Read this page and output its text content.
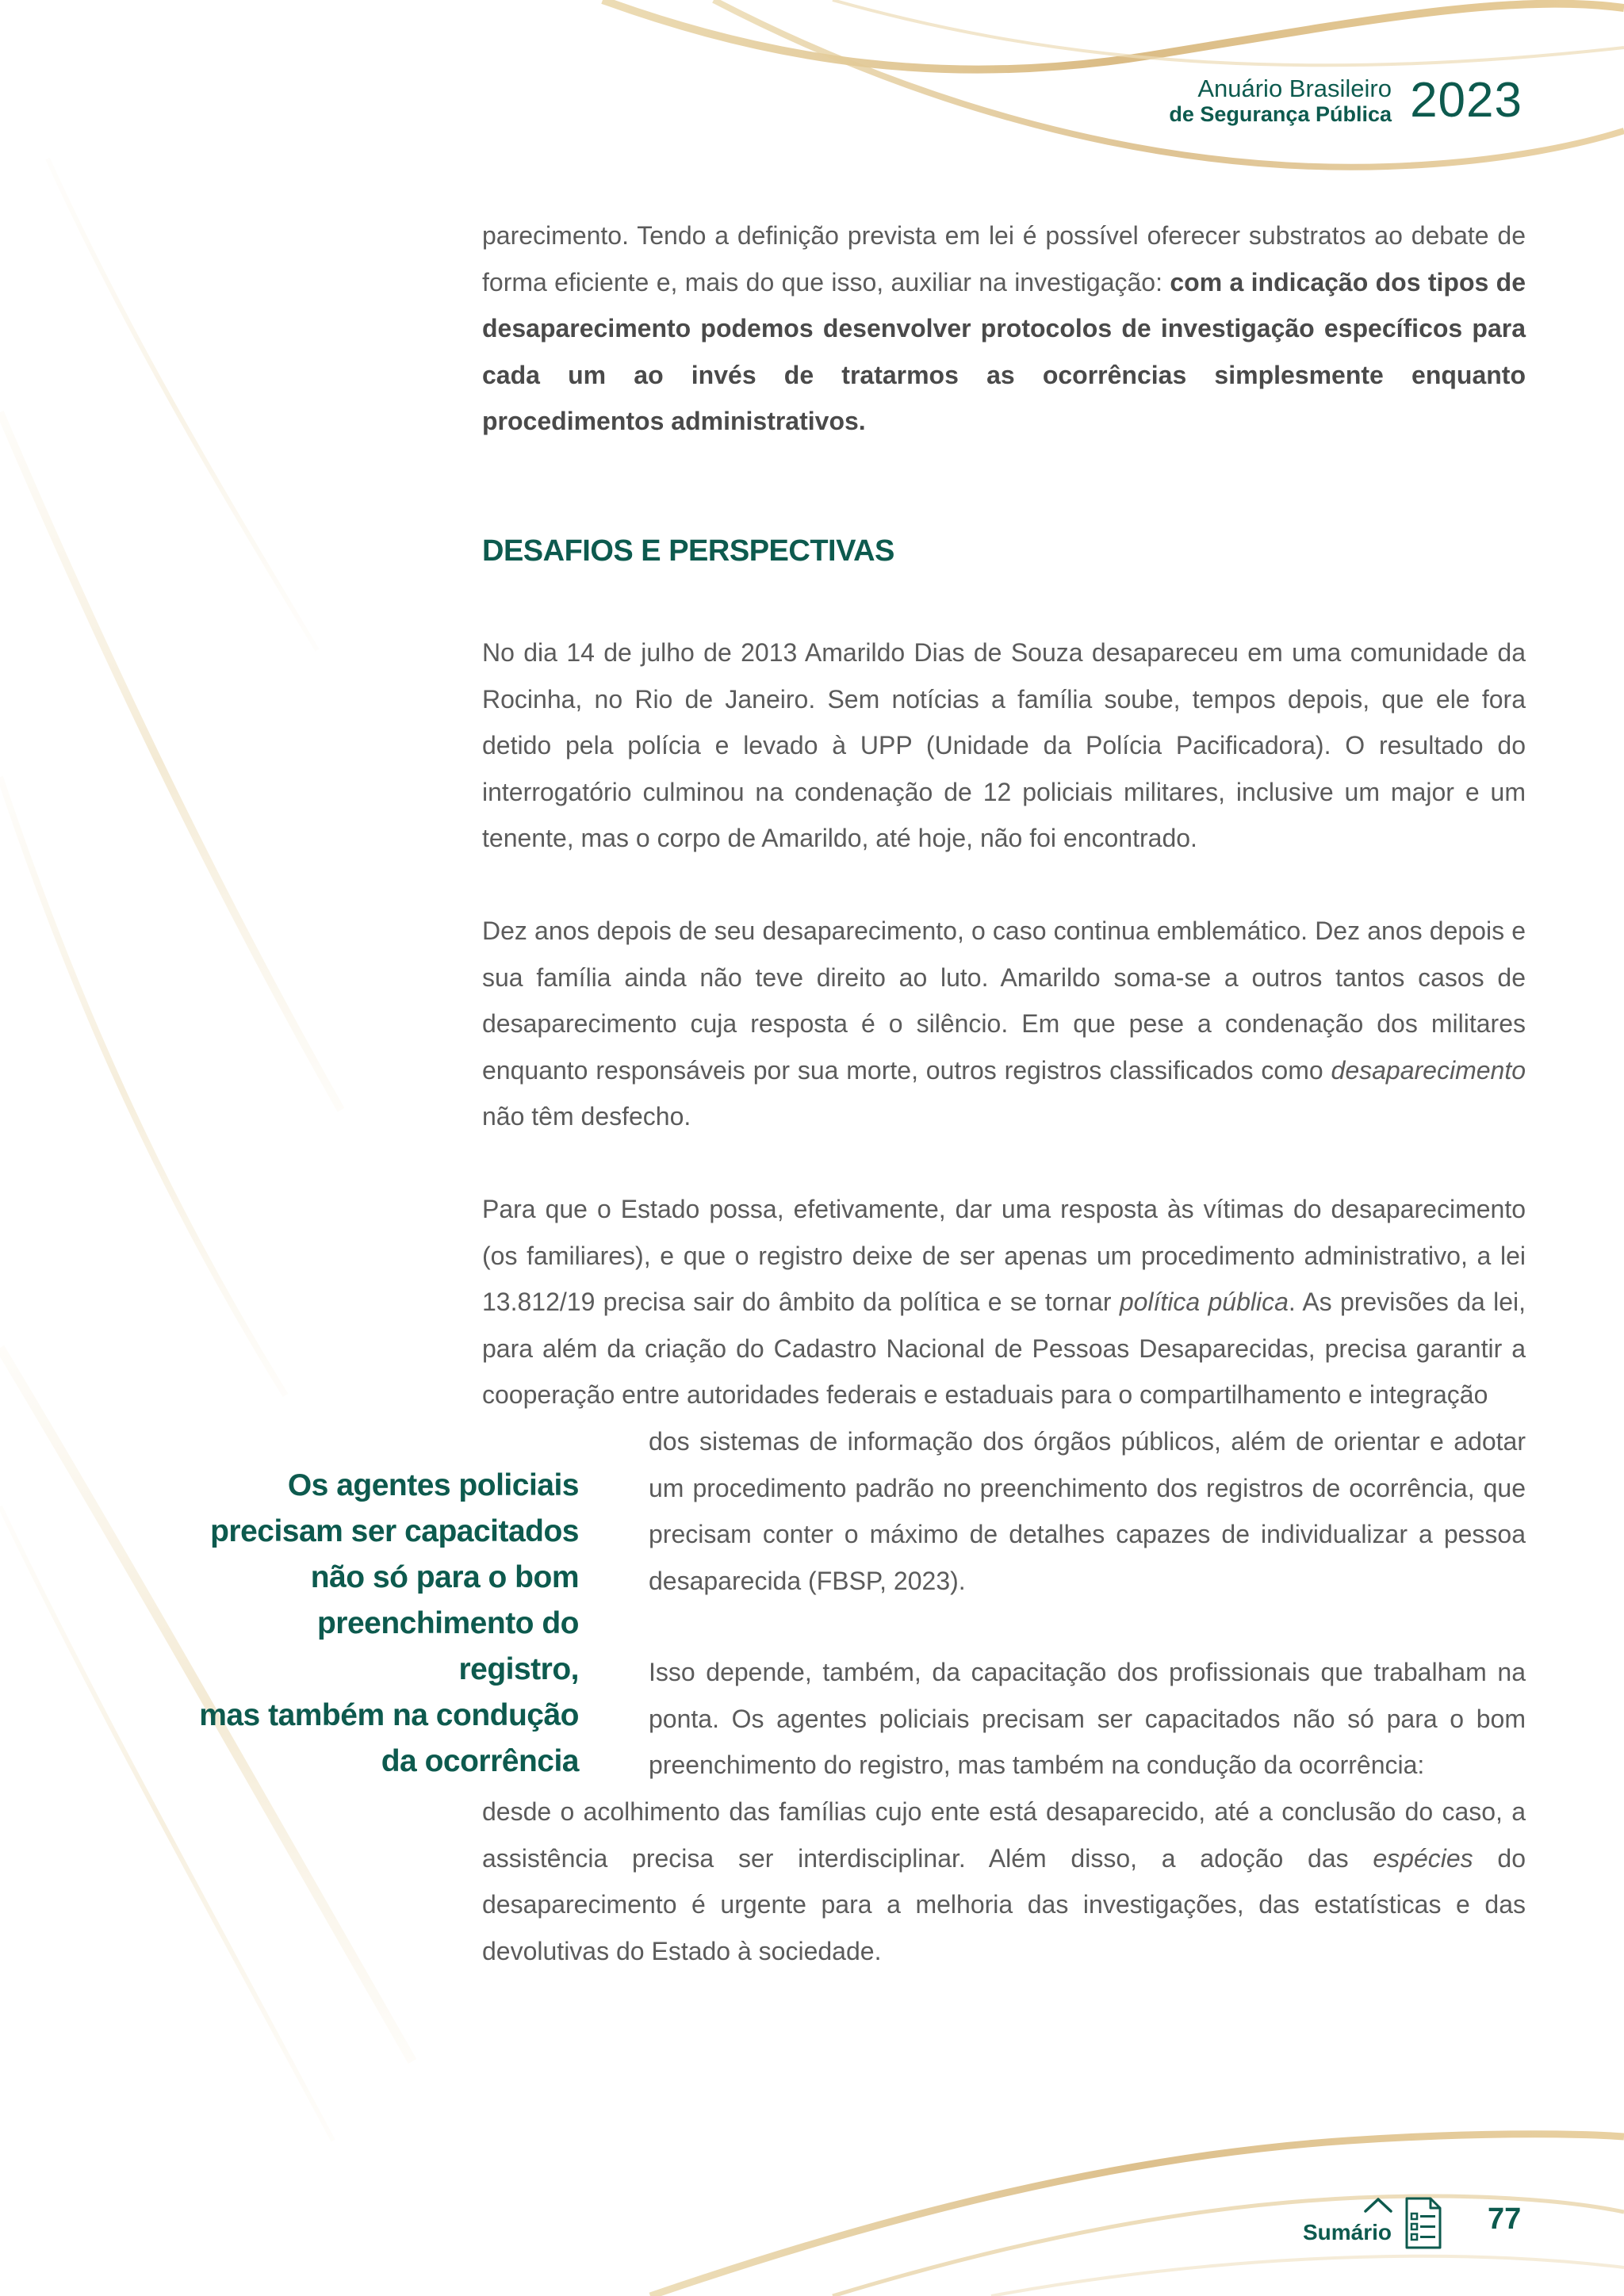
Anuário Brasileiro
de Segurança Pública 2023

parecimento. Tendo a definição prevista em lei é possível oferecer substratos ao debate de forma eficiente e, mais do que isso, auxiliar na investigação: com a indicação dos tipos de desaparecimento podemos desenvolver protocolos de investigação específicos para cada um ao invés de tratarmos as ocorrências simplesmente enquanto procedimentos administrativos.

DESAFIOS E PERSPECTIVAS

No dia 14 de julho de 2013 Amarildo Dias de Souza desapareceu em uma comunidade da Rocinha, no Rio de Janeiro. Sem notícias a família soube, tempos depois, que ele fora detido pela polícia e levado à UPP (Unidade da Polícia Pacificadora). O resultado do interrogatório culminou na condenação de 12 policiais militares, inclusive um major e um tenente, mas o corpo de Amarildo, até hoje, não foi encontrado.

Dez anos depois de seu desaparecimento, o caso continua emblemático. Dez anos depois e sua família ainda não teve direito ao luto. Amarildo soma-se a outros tantos casos de desaparecimento cuja resposta é o silêncio. Em que pese a condenação dos militares enquanto responsáveis por sua morte, outros registros classificados como desaparecimento não têm desfecho.

Para que o Estado possa, efetivamente, dar uma resposta às vítimas do desaparecimento (os familiares), e que o registro deixe de ser apenas um procedimento administrativo, a lei 13.812/19 precisa sair do âmbito da política e se tornar política pública. As previsões da lei, para além da criação do Cadastro Nacional de Pessoas Desaparecidas, precisa garantir a cooperação entre autoridades federais e estaduais para o compartilhamento e integração

dos sistemas de informação dos órgãos públicos, além de orientar e adotar um procedimento padrão no preenchimento dos registros de ocorrência, que precisam conter o máximo de detalhes capazes de individualizar a pessoa desaparecida (FBSP, 2023).

Os agentes policiais
precisam ser capacitados
não só para o bom
preenchimento do registro,
mas também na condução
da ocorrência

Isso depende, também, da capacitação dos profissionais que trabalham na ponta. Os agentes policiais precisam ser capacitados não só para o bom preenchimento do registro, mas também na condução da ocorrência:

desde o acolhimento das famílias cujo ente está desaparecido, até a conclusão do caso, a assistência precisa ser interdisciplinar. Além disso, a adoção das espécies do desaparecimento é urgente para a melhoria das investigações, das estatísticas e das devolutivas do Estado à sociedade.

Sumário	77
